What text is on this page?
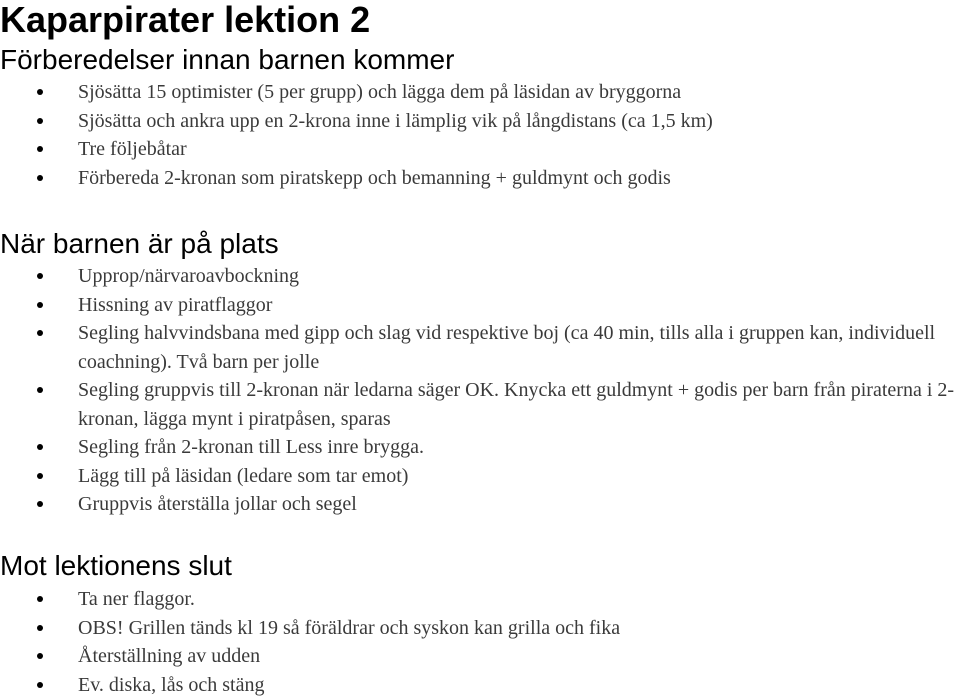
Kaparpirater lektion 2
Förberedelser innan barnen kommer
Sjösätta 15 optimister (5 per grupp) och lägga dem på läsidan av bryggorna
Sjösätta och ankra upp en 2-krona inne i lämplig vik på långdistans (ca 1,5 km)
Tre följebåtar
Förbereda 2-kronan som piratskepp och bemanning + guldmynt och godis
När barnen är på plats
Upprop/närvaroavbockning
Hissning av piratflaggor
Segling halvvindsbana med gipp och slag vid respektive boj (ca 40 min, tills alla i gruppen kan, individuell coachning). Två barn per jolle
Segling gruppvis till 2-kronan när ledarna säger OK. Knycka ett guldmynt + godis per barn från piraterna i 2-kronan, lägga mynt i piratpåsen, sparas
Segling från 2-kronan till Less inre brygga.
Lägg till på läsidan (ledare som tar emot)
Gruppvis återställa jollar och segel
Mot lektionens slut
Ta ner flaggor.
OBS! Grillen tänds kl 19 så föräldrar och syskon kan grilla och fika
Återställning av udden
Ev. diska, lås och stäng
